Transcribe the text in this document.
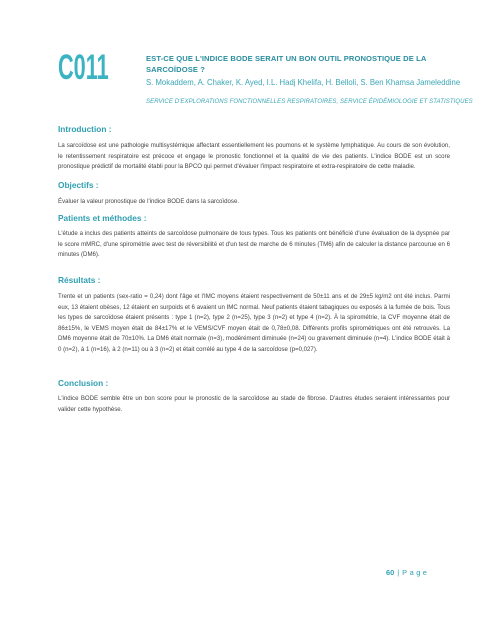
C011	EST-CE QUE L'INDICE BODE SERAIT UN BON OUTIL PRONOSTIQUE DE LA SARCOÏDOSE ?
S. Mokaddem, A. Chaker, K. Ayed, I.L. Hadj Khelifa, H. Belloli, S. Ben Khamsa Jameleddine
SERVICE D'EXPLORATIONS FONCTIONNELLES RESPIRATOIRES, SERVICE ÉPIDÉMIOLOGIE ET STATISTIQUES
Introduction :
La sarcoïdose est une pathologie multisystémique affectant essentiellement les poumons et le système lymphatique. Au cours de son évolution, le retentissement respiratoire est précoce et engage le pronostic fonctionnel et la qualité de vie des patients. L'indice BODE est un score pronostique prédictif de mortalité établi pour la BPCO qui permet d'évaluer l'impact respiratoire et extra-respiratoire de cette maladie.
Objectifs :
Évaluer la valeur pronostique de l'indice BODE dans la sarcoïdose.
Patients et méthodes :
L'étude a inclus des patients atteints de sarcoïdose pulmonaire de tous types. Tous les patients ont bénéficié d'une évaluation de la dyspnée par le score mMRC, d'une spirométrie avec test de réversibilité et d'un test de marche de 6 minutes (TM6) afin de calculer la distance parcourue en 6 minutes (DM6).
Résultats :
Trente et un patients (sex-ratio = 0,24) dont l'âge et l'IMC moyens étaient respectivement de 50±11 ans et de 29±5 kg/m2 ont été inclus. Parmi eux, 13 étaient obèses, 12 étaient en surpoids et 6 avaient un IMC normal. Neuf patients étaient tabagiques ou exposés à la fumée de bois. Tous les types de sarcoïdose étaient présents : type 1 (n=2), type 2 (n=25), type 3 (n=2) et type 4 (n=2). À la spirométrie, la CVF moyenne était de 86±15%, le VEMS moyen était de 84±17% et le VEMS/CVF moyen était de 0,78±0,08. Différents profils spirométriques ont été retrouvés. La DM6 moyenne était de 70±10%. La DM6 était normale (n=3), modérément diminuée (n=24) ou gravement diminuée (n=4). L'indice BODE était à 0 (n=2), à 1 (n=16), à 2 (n=11) ou à 3 (n=2) et était corrélé au type 4 de la sarcoïdose (p=0,027).
Conclusion :
L'indice BODE semble être un bon score pour le pronostic de la sarcoïdose au stade de fibrose. D'autres études seraient intéressantes pour valider cette hypothèse.
60 | Page
